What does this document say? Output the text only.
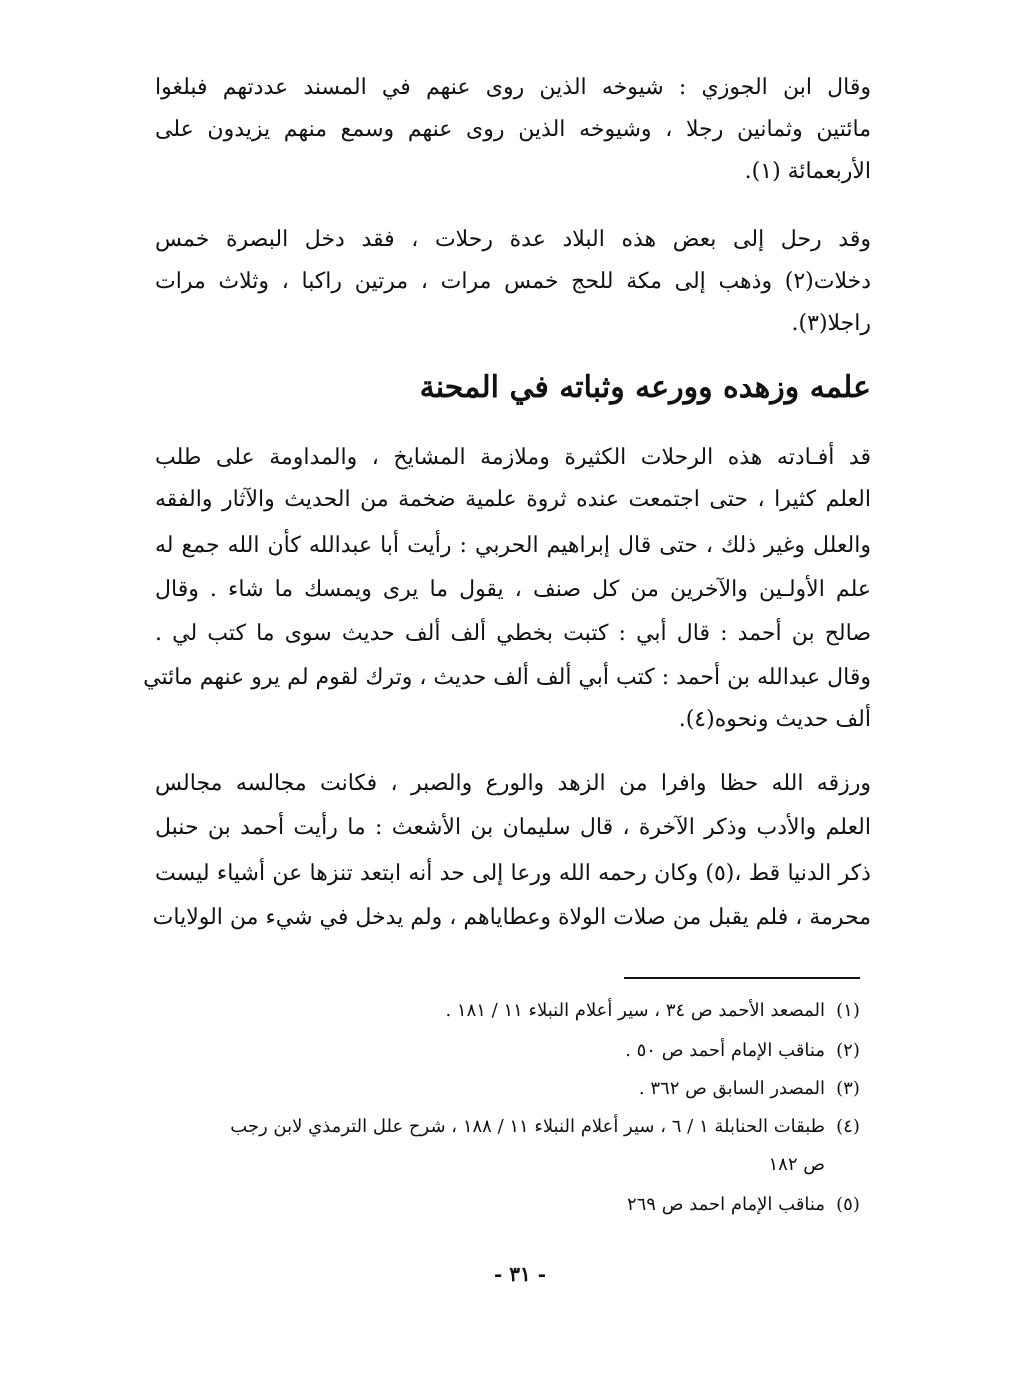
وقال ابن الجوزي : شيوخه الذين روى عنهم في المسند عددتهم فبلغوا
مائتين وثمانين رجلا ، وشيوخه الذين روى عنهم وسمع منهم يزيدون على
الأربعمائة (١).
وقد رحل إلى بعض هذه البلاد عدة رحلات ، فقد دخل البصرة خمس
دخلات(٢) وذهب إلى مكة للحج خمس مرات ، مرتين راكبا ، وثلاث مرات
راجلا(٣).
علمه وزهده وورعه وثباته في المحنة
قد أفـادته هذه الرحلات الكثيرة وملازمة المشايخ ، والمداومة على طلب
العلم كثيرا ، حتى اجتمعت عنده ثروة علمية ضخمة من الحديث والآثار والفقه
والعلل وغير ذلك ، حتى قال إبراهيم الحربي : رأيت أبا عبدالله كأن الله جمع له
علم الأولـين والآخرين من كل صنف ، يقول ما يرى ويمسك ما شاء . وقال
صالح بن أحمد : قال أبي : كتبت بخطي ألف ألف حديث سوى ما كتب لي .
وقال عبدالله بن أحمد : كتب أبي ألف ألف حديث ، وترك لقوم لم يرو عنهم مائتي
ألف حديث ونحوه(٤).
ورزقه الله حظا وافرا من الزهد والورع والصبر ، فكانت مجالسه مجالس
العلم والأدب وذكر الآخرة ، قال سليمان بن الأشعث : ما رأيت أحمد بن حنبل
ذكر الدنيا قط ،(٥) وكان رحمه الله ورعا إلى حد أنه ابتعد تنزها عن أشياء ليست
محرمة ، فلم يقبل من صلات الولاة وعطاياهم ، ولم يدخل في شيء من الولايات
(١)المصعد الأحمد ص ٣٤ ، سير أعلام النبلاء ١١ / ١٨١ .
(٢)مناقب الإمام أحمد ص ٥٠ .
(٣)المصدر السابق ص ٣٦٢ .
(٤)طبقات الحنابلة ١ / ٦ ، سير أعلام النبلاء ١١ / ١٨٨ ، شرح علل الترمذي لابن رجب
ص ١٨٢
(٥)مناقب الإمام احمد ص ٢٦٩
- ٣١ -
